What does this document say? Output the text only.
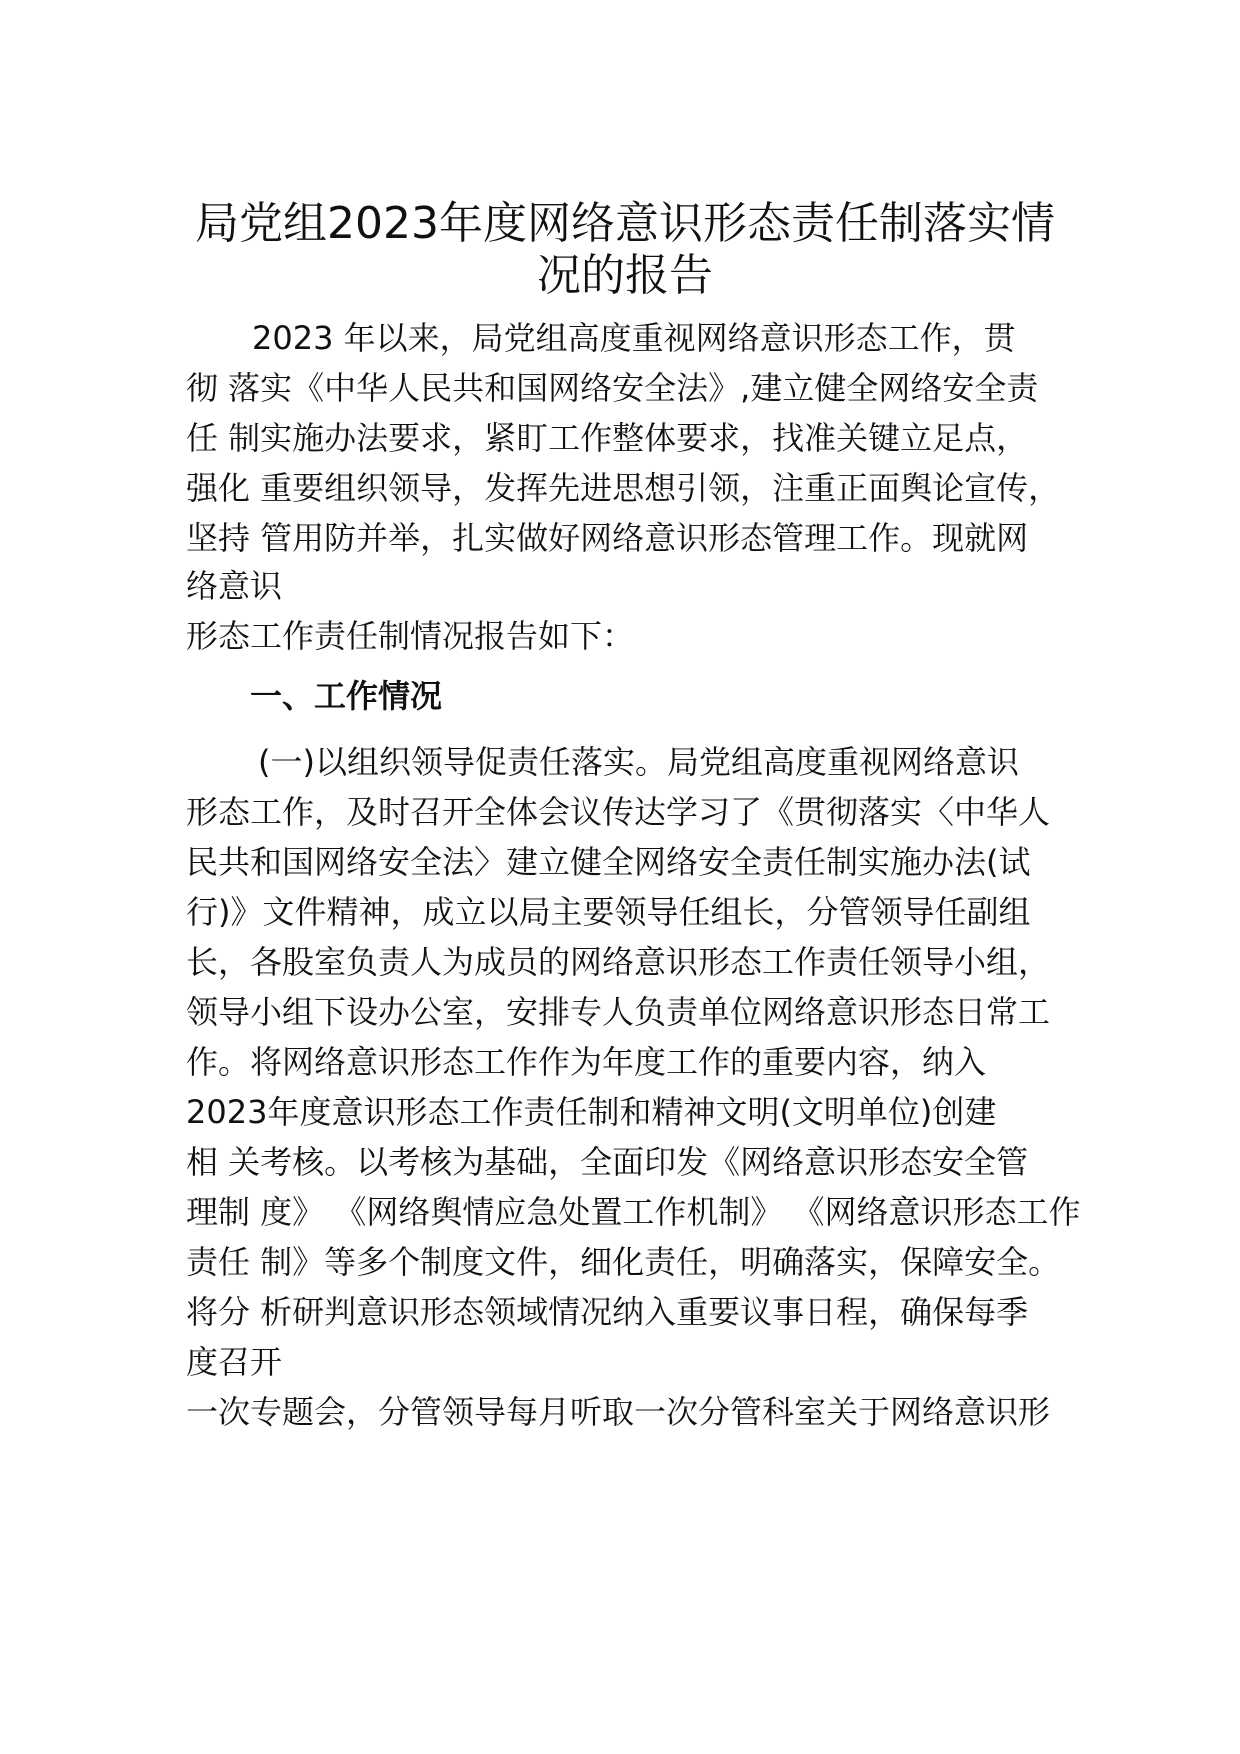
局党组2023年度网络意识形态责任制落实情
况的报告

2023 年以来，局党组高度重视网络意识形态工作，贯

彻 落实《中华人民共和国网络安全法》,建立健全网络安全责

任 制实施办法要求，紧盯工作整体要求，找准关键立足点，

强化 重要组织领导，发挥先进思想引领，注重正面舆论宣传，

坚持 管用防并举，扎实做好网络意识形态管理工作。现就网

络意识

形态工作责任制情况报告如下：

一、工作情况

(一)以组织领导促责任落实。局党组高度重视网络意识

形态工作，及时召开全体会议传达学习了《贯彻落实〈中华人

民共和国网络安全法〉建立健全网络安全责任制实施办法(试

行)》文件精神，成立以局主要领导任组长，分管领导任副组

长，各股室负责人为成员的网络意识形态工作责任领导小组，

领导小组下设办公室，安排专人负责单位网络意识形态日常工

作。将网络意识形态工作作为年度工作的重要内容，纳入

2023年度意识形态工作责任制和精神文明(文明单位)创建

相 关考核。以考核为基础，全面印发《网络意识形态安全管

理制 度》 《网络舆情应急处置工作机制》 《网络意识形态工作

责任 制》等多个制度文件，细化责任，明确落实，保障安全。

将分 析研判意识形态领域情况纳入重要议事日程，确保每季

度召开

一次专题会，分管领导每月听取一次分管科室关于网络意识形
